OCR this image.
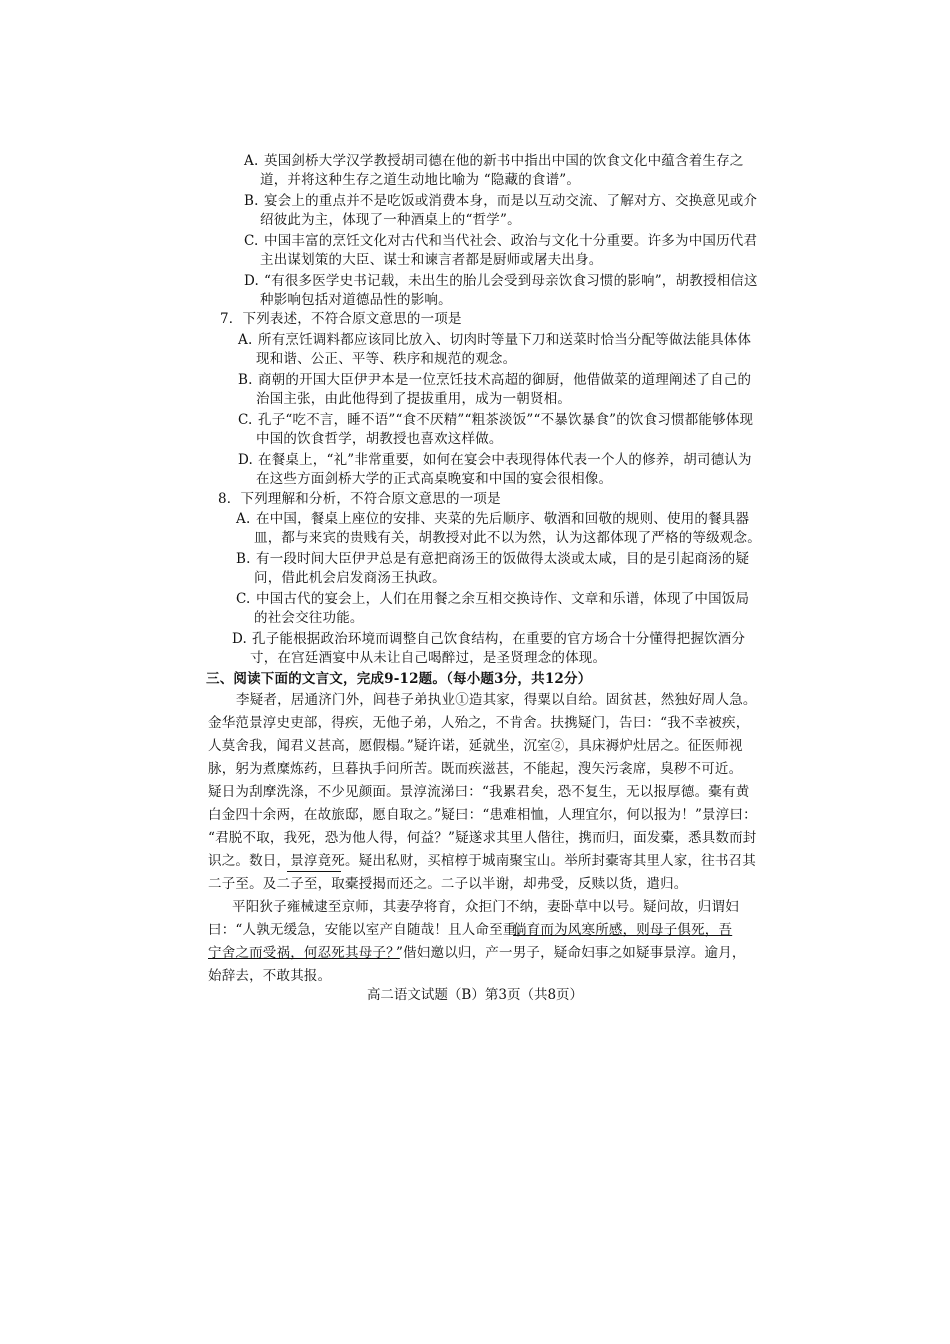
A. 英国剑桥大学汉学教授胡司德在他的新书中指出中国的饮食文化中蕴含着生存之
道，并将这种生存之道生动地比喻为 “隐藏的食谱”。
B. 宴会上的重点并不是吃饭或消费本身，而是以互动交流、了解对方、交换意见或介
绍彼此为主，体现了一种酒桌上的“哲学”。
C. 中国丰富的烹饪文化对古代和当代社会、政治与文化十分重要。许多为中国历代君
主出谋划策的大臣、谋士和谏言者都是厨师或屠夫出身。
D. “有很多医学史书记载，未出生的胎儿会受到母亲饮食习惯的影响”，胡教授相信这
种影响包括对道德品性的影响。
7．下列表述，不符合原文意思的一项是
A. 所有烹饪调料都应该同比放入、切肉时等量下刀和送菜时恰当分配等做法能具体体
现和谐、公正、平等、秩序和规范的观念。
B. 商朝的开国大臣伊尹本是一位烹饪技术高超的御厨，他借做菜的道理阐述了自己的
治国主张，由此他得到了提拔重用，成为一朝贤相。
C. 孔子“吃不言，睡不语”“食不厌精”“粗茶淡饭”“不暴饮暴食”的饮食习惯都能够体现
中国的饮食哲学，胡教授也喜欢这样做。
D. 在餐桌上，“礼”非常重要，如何在宴会中表现得体代表一个人的修养，胡司德认为
在这些方面剑桥大学的正式高桌晚宴和中国的宴会很相像。
8．下列理解和分析，不符合原文意思的一项是
A. 在中国，餐桌上座位的安排、夹菜的先后顺序、敬酒和回敬的规则、使用的餐具器
皿，都与来宾的贵贱有关，胡教授对此不以为然，认为这都体现了严格的等级观念。
B. 有一段时间大臣伊尹总是有意把商汤王的饭做得太淡或太咸，目的是引起商汤的疑
问，借此机会启发商汤王执政。
C. 中国古代的宴会上，人们在用餐之余互相交换诗作、文章和乐谱，体现了中国饭局
的社会交往功能。
D. 孔子能根据政治环境而调整自己饮食结构，在重要的官方场合十分懂得把握饮酒分
寸，在宫廷酒宴中从未让自己喝醉过，是圣贤理念的体现。
三、阅读下面的文言文，完成9-12题。（每小题3分，共12分）
李疑者，居通济门外，闾巷子弟执业①造其家，得粟以自给。固贫甚，然独好周人急。
金华范景淳史吏部，得疾，无他子弟，人殆之，不肯舍。扶携疑门，告曰：“我不幸被疾，
人莫舍我，闻君义甚高，愿假榻。”疑许诺，延就坐，沉室②，具床褥炉灶居之。征医师视
脉，躬为煮糜炼药，旦暮执手问所苦。既而疾滋甚，不能起，溲矢污衾席，臭秽不可近。
疑日为刮摩洗涤，不少见颜面。景淳流涕曰：“我累君矣，恐不复生，无以报厚德。橐有黄
白金四十余两，在故旅邸，愿自取之。”疑曰：“患难相恤，人理宜尔，何以报为！”景淳曰：
“君脱不取，我死，恐为他人得，何益？”疑遂求其里人偕往，携而归，面发橐，悉具数而封
识之。数日，景淳竟死。疑出私财，买棺椁于城南聚宝山。举所封橐寄其里人家，往书召其
二子至。及二子至，取橐授揭而还之。二子以半谢，却弗受，反赎以货，遣归。
平阳狄子雍械逮至京师，其妻孕将育，众拒门不纳，妻卧草中以号。疑问故，归谓妇
曰：“人孰无缓急，安能以室产自随哉！且人命至重，
倘育而为风寒所感，则母子俱死，吾
宁舍之而受祸，何忍死其母子？
”偕妇邀以归，产一男子，疑命妇事之如疑事景淳。逾月，
始辞去，不敢其报。
高二语文试题（B）第3页（共8页）
